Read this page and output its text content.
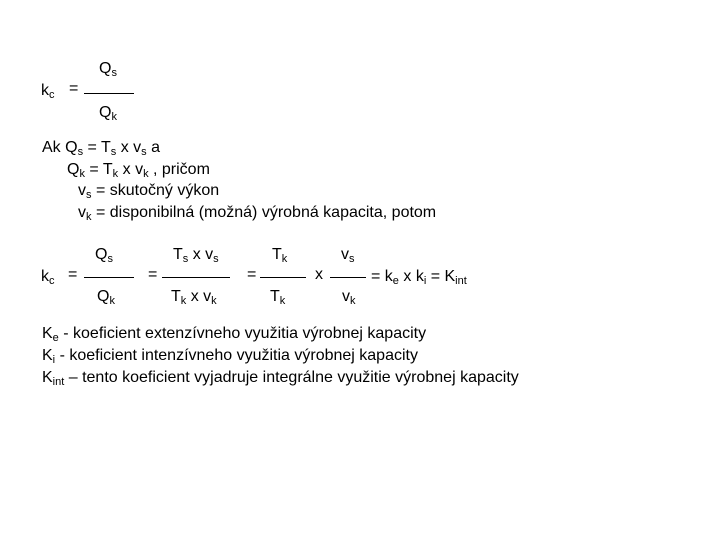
$k_c$ =
$Q_s$
$Q_k$
Ak $Q_s = T_s$ x $v_s$ a
$Q_k = T_k$ x $v_k$ , pričom
$v_s$ = skutočný výkon
$v_k$ = disponibilná (možná) výrobná kapacita, potom
$k_c$ =
$Q_s$
$Q_k$
=
$T_s$ x $v_s$
$T_k$ x $v_k$
=
$T_k$
$T_k$
x
$v_s$
$v_k$
= $k_e$ x $k_i = K_{int}$
$K_e$ - koeficient extenzívneho využitia výrobnej kapacity
$K_i$ - koeficient intenzívneho využitia výrobnej kapacity
$K_{int}$ – tento koeficient vyjadruje integrálne využitie výrobnej kapacity
